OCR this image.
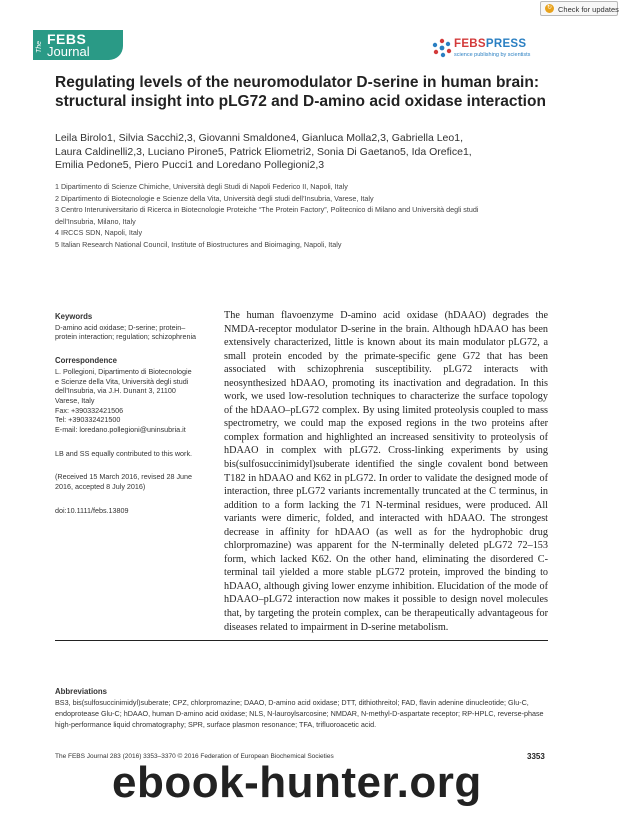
↻ Check for updates
The FEBS
Journal	FEBSPRESS
science publishing by scientists
Regulating levels of the neuromodulator D-serine in human brain: structural insight into pLG72 and D-amino acid oxidase interaction
Leila Birolo1, Silvia Sacchi2,3, Giovanni Smaldone4, Gianluca Molla2,3, Gabriella Leo1,
Laura Caldinelli2,3, Luciano Pirone5, Patrick Eliometri2, Sonia Di Gaetano5, Ida Orefice1,
Emilia Pedone5, Piero Pucci1 and Loredano Pollegioni2,3
1 Dipartimento di Scienze Chimiche, Università degli Studi di Napoli Federico II, Napoli, Italy
2 Dipartimento di Biotecnologie e Scienze della Vita, Università degli studi dell’Insubria, Varese, Italy
3 Centro Interuniversitario di Ricerca in Biotecnologie Proteiche “The Protein Factory”, Politecnico di Milano and Università degli studi
dell’Insubria, Milano, Italy
4 IRCCS SDN, Napoli, Italy
5 Italian Research National Council, Institute of Biostructures and Bioimaging, Napoli, Italy
Keywords
D-amino acid oxidase; D-serine; protein–
protein interaction; regulation; schizophrenia
Correspondence
L. Pollegioni, Dipartimento di Biotecnologie
e Scienze della Vita, Università degli studi
dell’Insubria, via J.H. Dunant 3, 21100
Varese, Italy
Fax: +390332421506
Tel: +390332421500
E-mail: loredano.pollegioni@uninsubria.it
LB and SS equally contributed to this work.
(Received 15 March 2016, revised 28 June
2016, accepted 8 July 2016)
doi:10.1111/febs.13809
The human flavoenzyme D-amino acid oxidase (hDAAO) degrades the NMDA-receptor modulator D-serine in the brain. Although hDAAO has been extensively characterized, little is known about its main modulator pLG72, a small protein encoded by the primate-specific gene G72 that has been associated with schizophrenia susceptibility. pLG72 interacts with neosynthesized hDAAO, promoting its inactivation and degradation. In this work, we used low-resolution techniques to characterize the surface topology of the hDAAO–pLG72 complex. By using limited proteolysis coupled to mass spectrometry, we could map the exposed regions in the two proteins after complex formation and highlighted an increased sensitivity to proteolysis of hDAAO in complex with pLG72. Cross-linking experiments by using bis(sulfosuccinimidyl)suberate identified the single covalent bond between T182 in hDAAO and K62 in pLG72. In order to validate the designed mode of interaction, three pLG72 variants incrementally truncated at the C terminus, in addition to a form lacking the 71 N-terminal residues, were produced. All variants were dimeric, folded, and interacted with hDAAO. The strongest decrease in affinity for hDAAO (as well as for the hydrophobic drug chlorpromazine) was apparent for the N-terminally deleted pLG72 72–153 form, which lacked K62. On the other hand, eliminating the disordered C-terminal tail yielded a more stable pLG72 protein, improved the binding to hDAAO, although giving lower enzyme inhibition. Elucidation of the mode of hDAAO–pLG72 interaction now makes it possible to design novel molecules that, by targeting the protein complex, can be therapeutically advantageous for diseases related to impairment in D-serine metabolism.
Abbreviations
BS3, bis(sulfosuccinimidyl)suberate; CPZ, chlorpromazine; DAAO, D-amino acid oxidase; DTT, dithiothreitol; FAD, flavin adenine dinucleotide; Glu-C, endoprotease Glu-C; hDAAO, human D-amino acid oxidase; NLS, N-lauroylsarcosine; NMDAR, N-methyl-D-aspartate receptor; RP-HPLC, reverse-phase high-performance liquid chromatography; SPR, surface plasmon resonance; TFA, trifluoroacetic acid.
The FEBS Journal 283 (2016) 3353–3370 © 2016 Federation of European Biochemical Societies	3353
ebook-hunter.org
